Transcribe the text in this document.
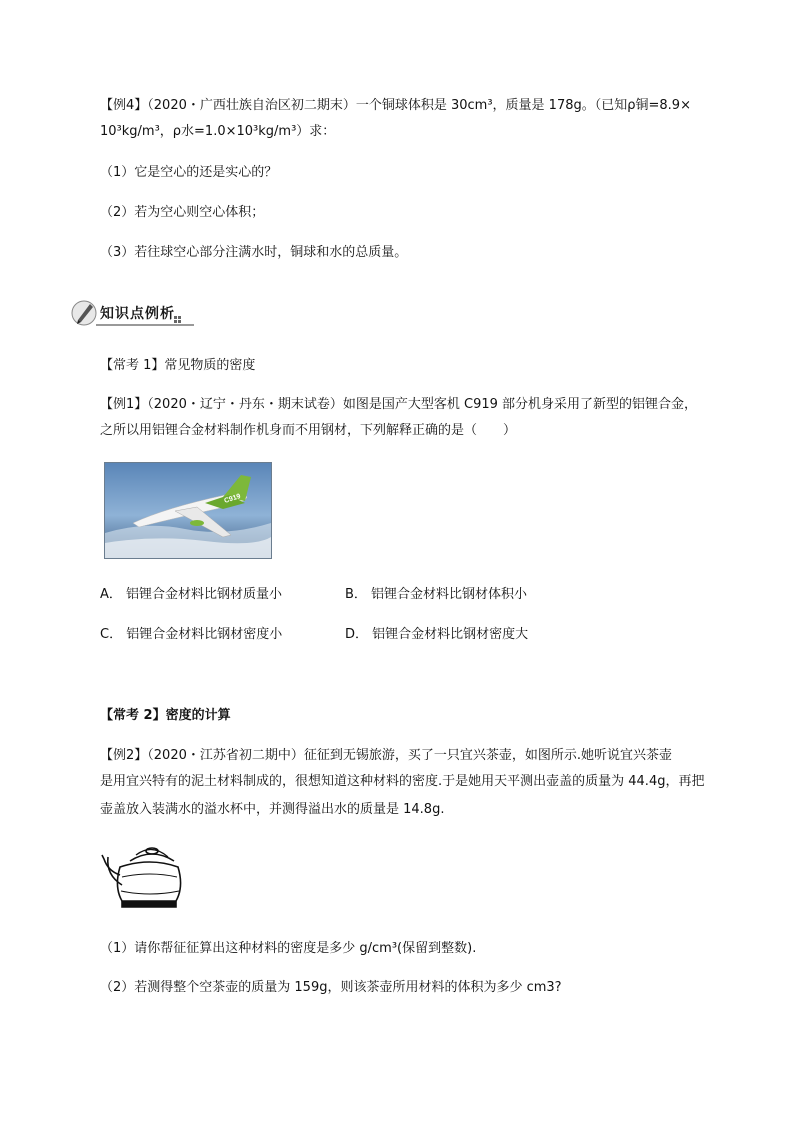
【例4】（2020・广西壮族自治区初二期末）一个铜球体积是 30cm³，质量是 178g。（已知ρ铜=8.9×
10³kg/m³，ρ水=1.0×10³kg/m³）求：
（1）它是空心的还是实心的？
（2）若为空心则空心体积；
（3）若往球空心部分注满水时，铜球和水的总质量。
知识点例析
【常考 1】常见物质的密度
【例1】（2020・辽宁・丹东・期末试卷）如图是国产大型客机 C919 部分机身采用了新型的铝锂合金，
之所以用铝锂合金材料制作机身而不用钢材，下列解释正确的是（　　）
C919
A． 铝锂合金材料比钢材质量小	B． 铝锂合金材料比钢材体积小
C． 铝锂合金材料比钢材密度小	D． 铝锂合金材料比钢材密度大
【常考 2】密度的计算
【例2】（2020・江苏省初二期中）征征到无锡旅游，买了一只宜兴茶壶，如图所示.她听说宜兴茶壶
是用宜兴特有的泥土材料制成的，很想知道这种材料的密度.于是她用天平测出壶盖的质量为 44.4g，再把
壶盖放入装满水的溢水杯中，并测得溢出水的质量是 14.8g.
（1）请你帮征征算出这种材料的密度是多少 g/cm³(保留到整数).
（2）若测得整个空茶壶的质量为 159g，则该茶壶所用材料的体积为多少 cm3?
